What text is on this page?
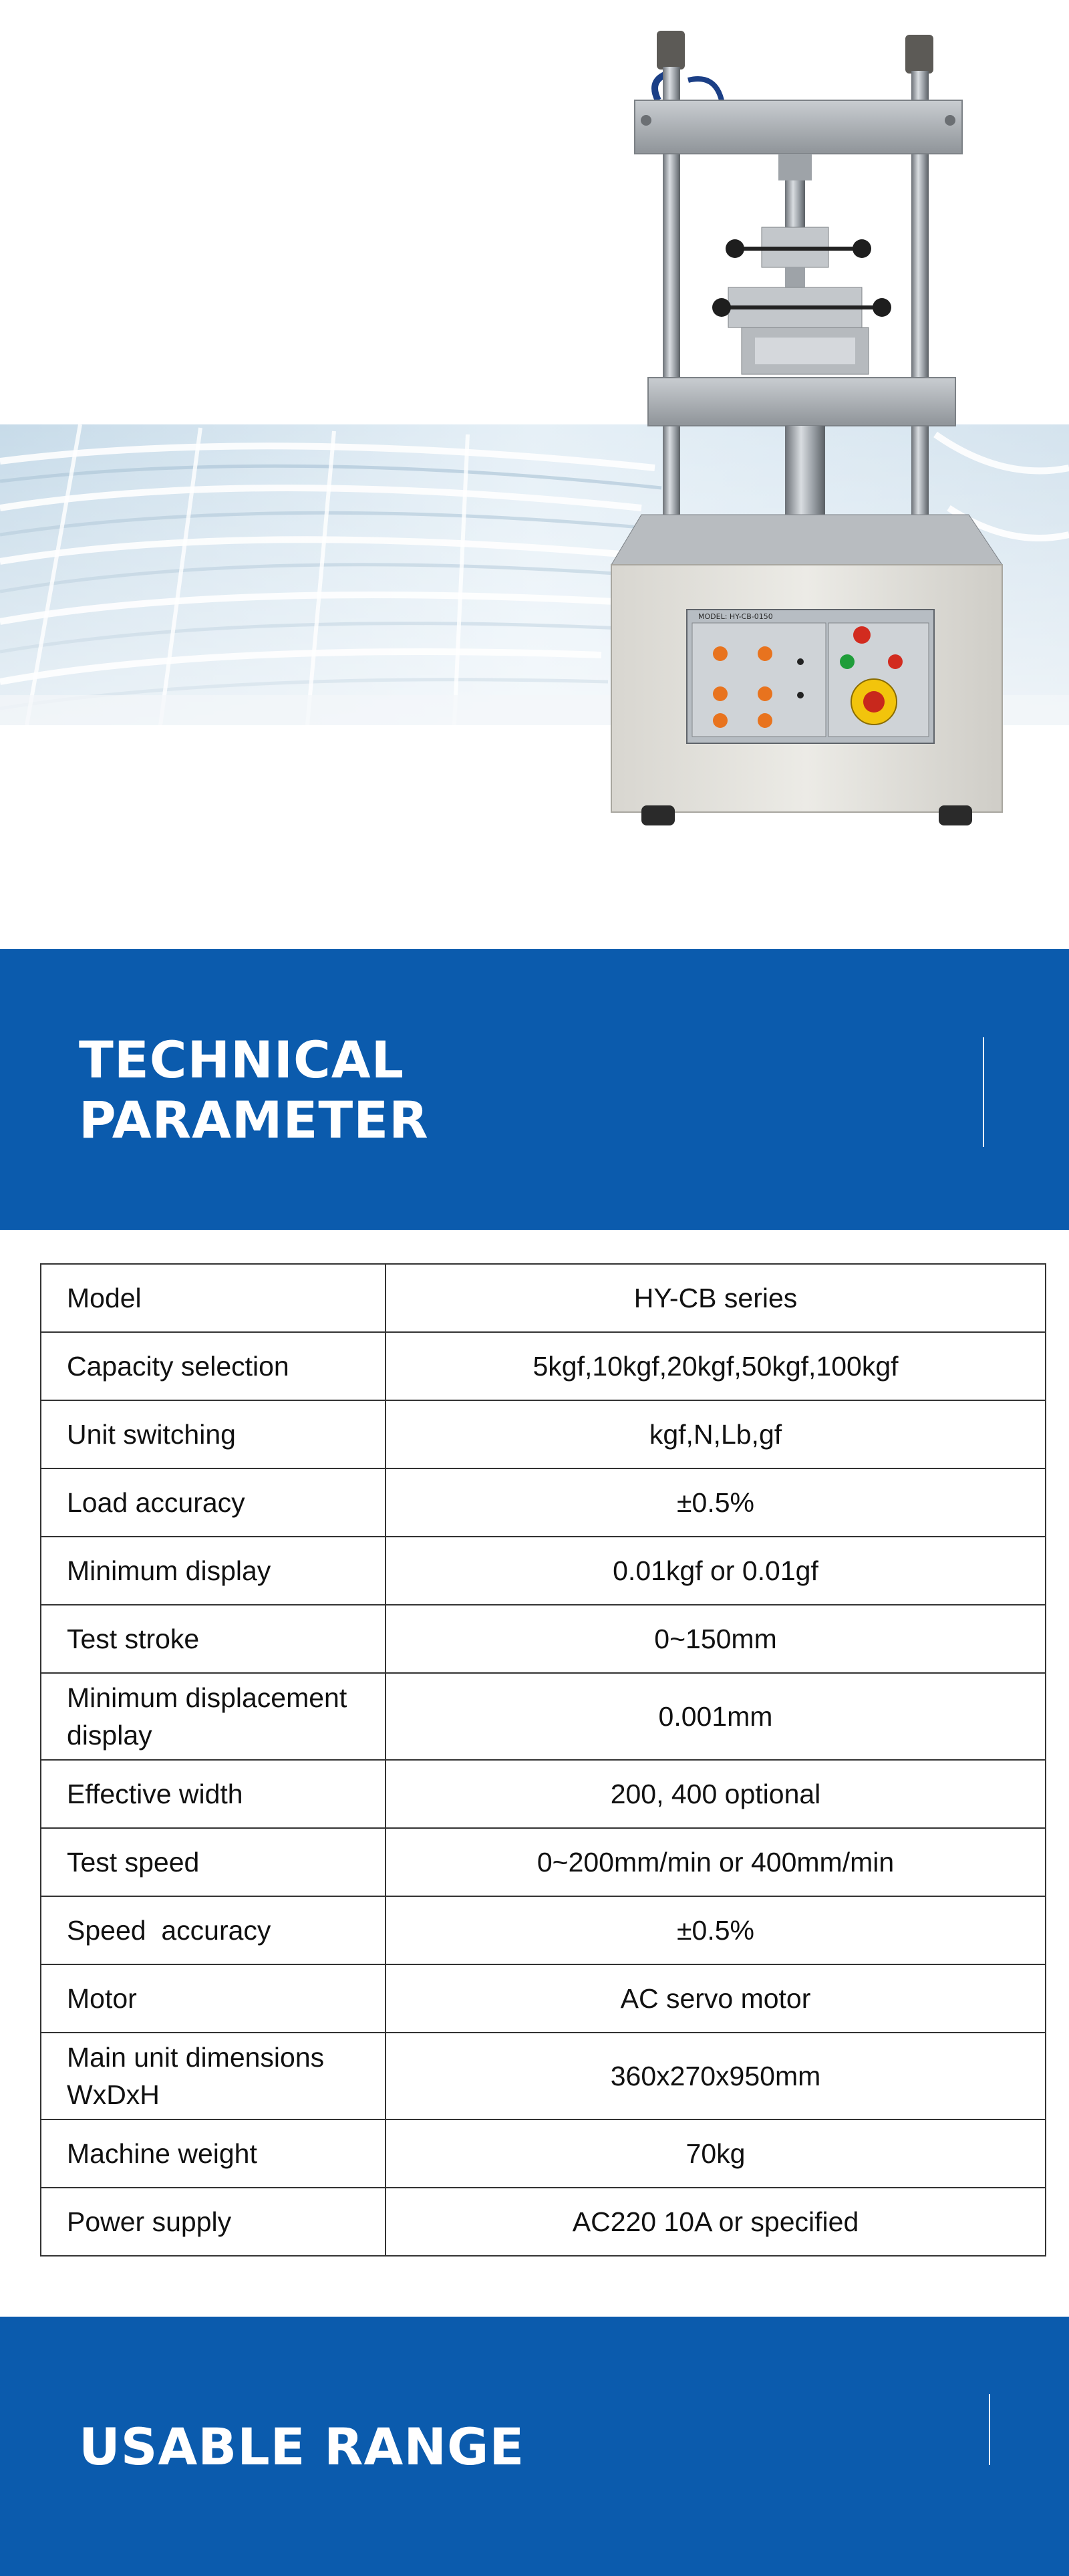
MODEL: HY-CB-0150
TECHNICAL PARAMETER
Model	HY-CB series
Capacity selection	5kgf,10kgf,20kgf,50kgf,100kgf
Unit switching	kgf,N,Lb,gf
Load accuracy	±0.5%
Minimum display	0.01kgf or 0.01gf
Test stroke	0~150mm
Minimum displacement display	0.001mm
Effective width	200, 400 optional
Test speed	0~200mm/min or 400mm/min
Speed  accuracy	±0.5%
Motor	AC servo motor
Main unit dimensions WxDxH	360x270x950mm
Machine weight	70kg
Power supply	AC220 10A or specified
USABLE RANGE
